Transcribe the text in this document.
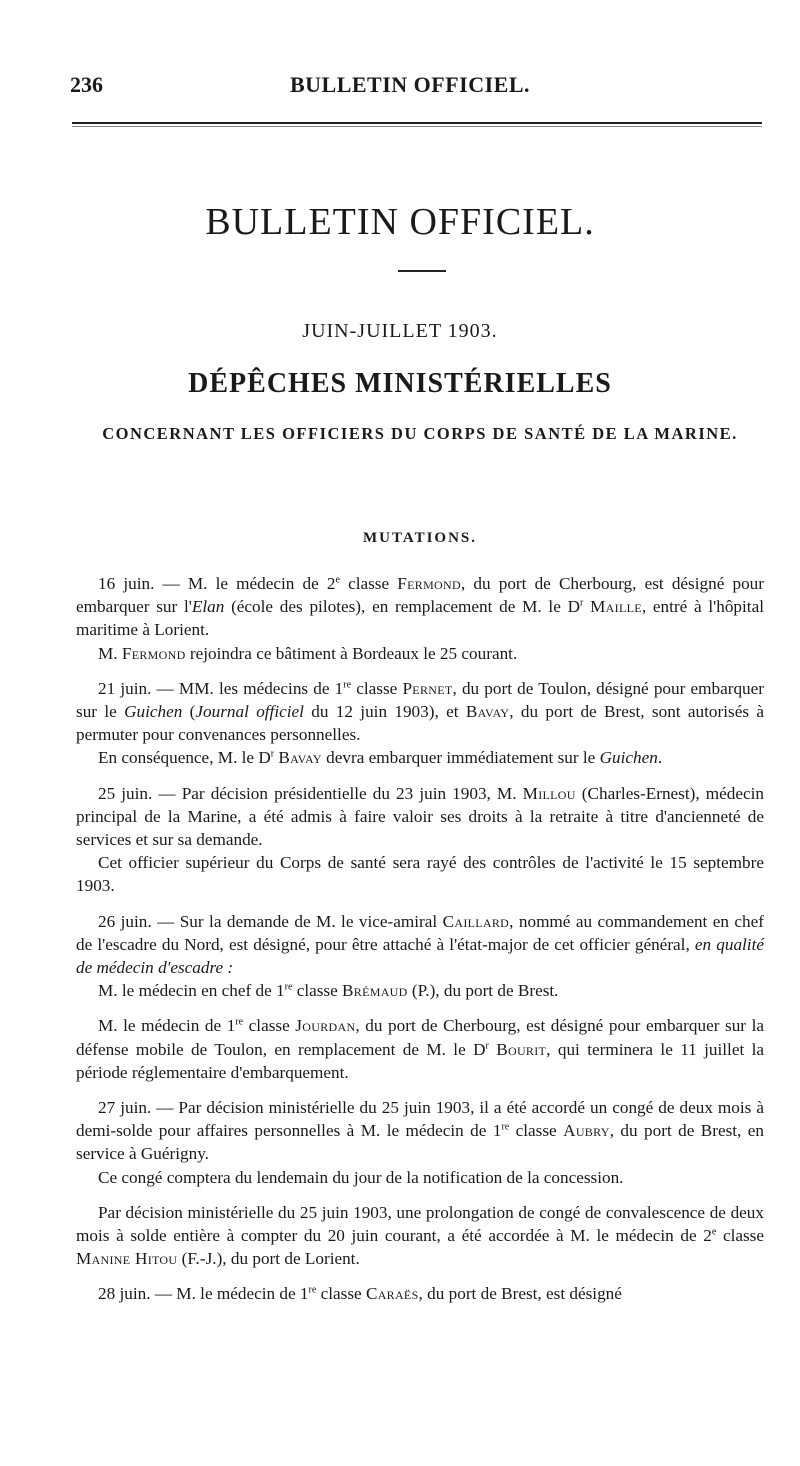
236	BULLETIN OFFICIEL.
BULLETIN OFFICIEL.
JUIN-JUILLET 1903.
DÉPÊCHES MINISTÉRIELLES
CONCERNANT LES OFFICIERS DU CORPS DE SANTÉ DE LA MARINE.
MUTATIONS.

16 juin. — M. le médecin de 2e classe Fermond, du port de Cherbourg, est désigné pour embarquer sur l'Elan (école des pilotes), en remplacement de M. le $D^r$ Maille, entré à l'hôpital maritime à Lorient.

M. Fermond rejoindra ce bâtiment à Bordeaux le 25 courant.

21 juin. — MM. les médecins de 1re classe Pernet, du port de Toulon, désigné pour embarquer sur le Guichen (Journal officiel du 12 juin 1903), et Bavay, du port de Brest, sont autorisés à permuter pour convenances personnelles.

En conséquence, M. le $D^r$ Bavay devra embarquer immédiatement sur le Guichen.

25 juin. — Par décision présidentielle du 23 juin 1903, M. Millou (Charles-Ernest), médecin principal de la Marine, a été admis à faire valoir ses droits à la retraite à titre d'ancienneté de services et sur sa demande.

Cet officier supérieur du Corps de santé sera rayé des contrôles de l'activité le 15 septembre 1903.

26 juin. — Sur la demande de M. le vice-amiral Caillard, nommé au commandement en chef de l'escadre du Nord, est désigné, pour être attaché à l'état-major de cet officier général, en qualité de médecin d'escadre :

M. le médecin en chef de 1re classe Brémaud (P.), du port de Brest.

M. le médecin de 1re classe Jourdan, du port de Cherbourg, est désigné pour embarquer sur la défense mobile de Toulon, en remplacement de M. le $D^r$ Bourit, qui terminera le 11 juillet la période réglementaire d'embarquement.

27 juin. — Par décision ministérielle du 25 juin 1903, il a été accordé un congé de deux mois à demi-solde pour affaires personnelles à M. le médecin de 1re classe Aubry, du port de Brest, en service à Guérigny.

Ce congé comptera du lendemain du jour de la notification de la concession.

Par décision ministérielle du 25 juin 1903, une prolongation de congé de convalescence de deux mois à solde entière à compter du 20 juin courant, a été accordée à M. le médecin de 2e classe Manine Hitou (F.-J.), du port de Lorient.

28 juin. — M. le médecin de 1re classe Caraës, du port de Brest, est désigné
